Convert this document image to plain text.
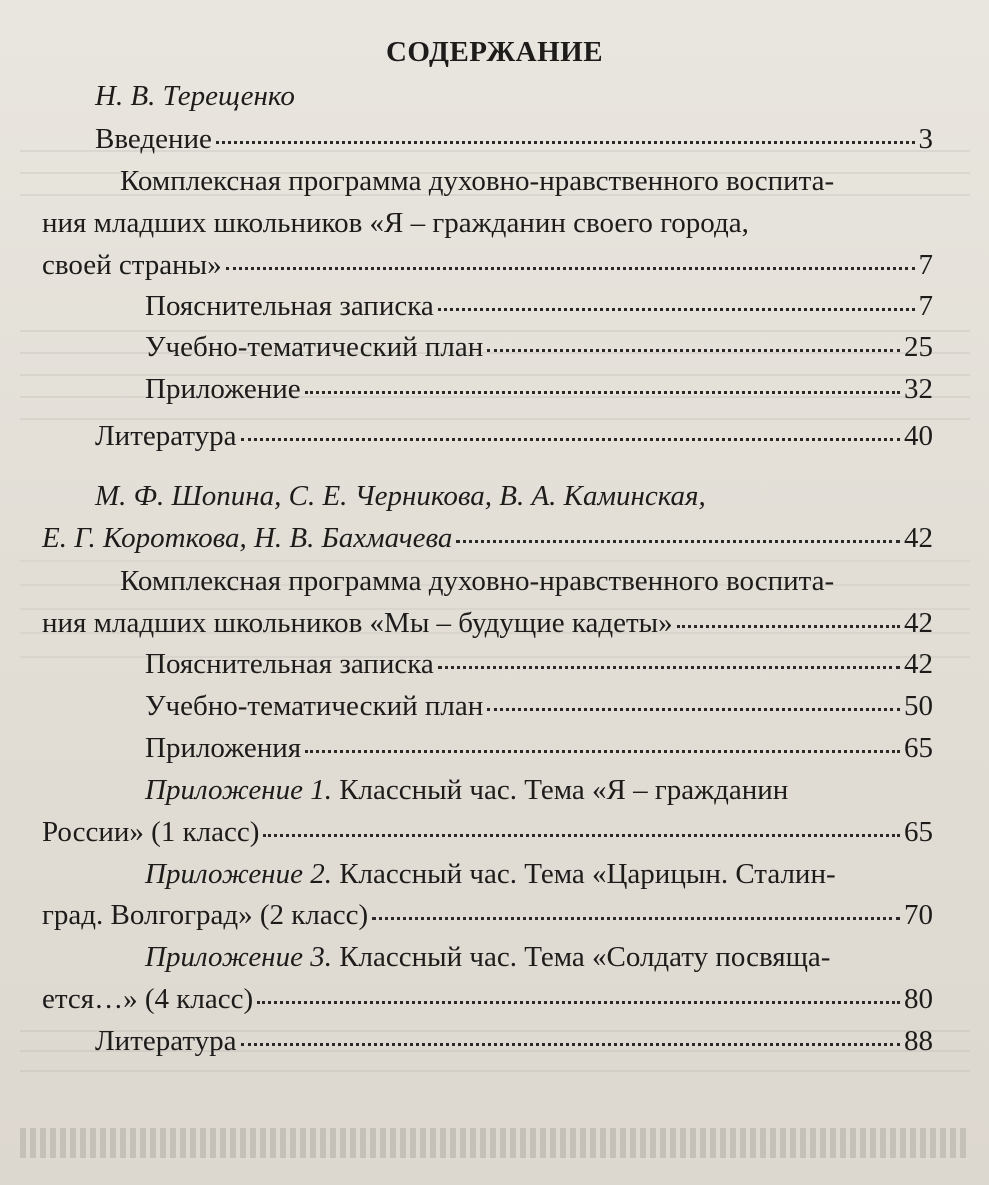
СОДЕРЖАНИЕ
Н. В. Терещенко
Введение	3
Комплексная программа духовно-нравственного воспита-
ния младших школьников «Я – гражданин своего города,
своей страны»	7
Пояснительная записка	7
Учебно-тематический план	25
Приложение	32
Литература	40
М. Ф. Шопина, С. Е. Черникова, В. А. Каминская,
Е. Г. Короткова, Н. В. Бахмачева	42
Комплексная программа духовно-нравственного воспита-
ния младших школьников «Мы – будущие кадеты»	42
Пояснительная записка	42
Учебно-тематический план	50
Приложения	65
Приложение 1. Классный час. Тема «Я – гражданин
России» (1 класс)	65
Приложение 2. Классный час. Тема «Царицын. Сталин-
град. Волгоград» (2 класс)	70
Приложение 3. Классный час. Тема «Солдату посвяща-
ется…» (4 класс)	80
Литература	88
